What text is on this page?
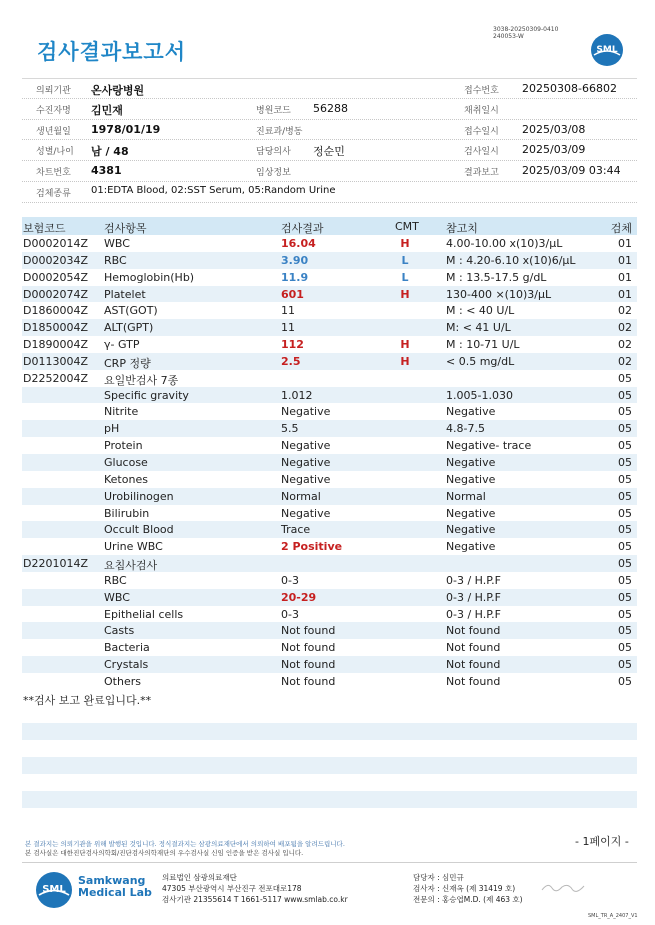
3038-20250309-0410
240053-W
검사결과보고서	SML
의뢰기관 온사랑병원	접수번호 20250308-66802
수진자명 김민재	병원코드 56288	채취일시
생년월일 1978/01/19	진료과/병동	접수일시 2025/03/08
성별/나이 남 / 48	담당의사 정순민	검사일시 2025/03/09
차트번호 4381	임상정보	결과보고 2025/03/09 03:44
검체종류 01:EDTA Blood, 02:SST Serum, 05:Random Urine
보험코드	검사항목	검사결과	CMT 참고치	검체
D0002014Z WBC	16.04	H	4.00-10.00 x(10)3/μL	01
D0002034Z RBC	3.90	L	M : 4.20-6.10 x(10)6/μL	01
D0002054Z Hemoglobin(Hb)	11.9	L	M : 13.5-17.5 g/dL	01
D0002074Z Platelet	601	H	130-400 ×(10)3/μL	01
D1860004Z AST(GOT)	11	M : < 40 U/L	02
D1850004Z ALT(GPT)	11	M: < 41 U/L	02
D1890004Z γ- GTP	112	H	M : 10-71 U/L	02
D0113004Z CRP 정량	2.5	H	< 0.5 mg/dL	02
D2252004Z 요일반검사 7종	05
Specific gravity	1.012	1.005-1.030	05
Nitrite	Negative	Negative	05
pH	5.5	4.8-7.5	05
Protein	Negative	Negative- trace	05
Glucose	Negative	Negative	05
Ketones	Negative	Negative	05
Urobilinogen	Normal	Normal	05
Bilirubin	Negative	Negative	05
Occult Blood	Trace	Negative	05
Urine WBC	2 Positive	Negative	05
D2201014Z 요침사검사	05
RBC	0-3	0-3 / H.P.F	05
WBC	20-29	0-3 / H.P.F	05
Epithelial cells	0-3	0-3 / H.P.F	05
Casts	Not found	Not found	05
Bacteria	Not found	Not found	05
Crystals	Not found	Not found	05
Others	Not found	Not found	05
**검사 보고 완료입니다.**
- 1페이지 -
본 결과지는 의뢰기관을 위해 발행된 것입니다. 정식결과지는 삼광의료재단에서 의뢰하여 배포됨을 알려드립니다.
본 검사실은 대한진단검사의학회/진단검사의학재단의 우수검사실 신임 인증을 받은 검사실 입니다.
SML
Samkwang
Medical Lab
의료법인 삼광의료재단
47305 부산광역시 부산진구 전포대로178
검사기관 21355614 T 1661-5117 www.smlab.co.kr
담당자 : 심민규
검사자 : 신재옥 (제 31419 호)
전문의 : 홍승엽M.D. (제 463 호)
SML_TR_A_2407_V1
